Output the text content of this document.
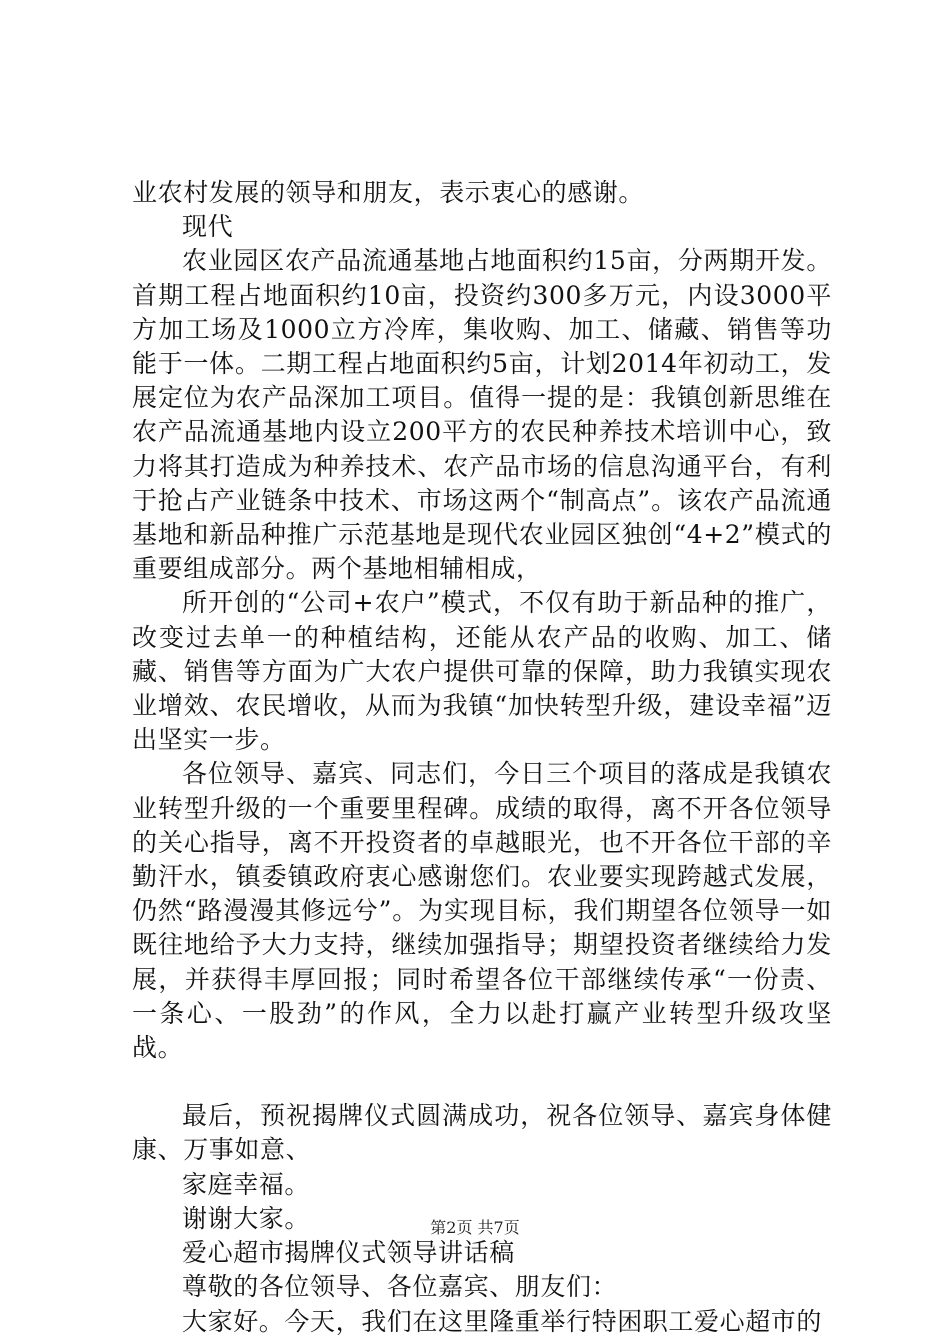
业农村发展的领导和朋友，表示衷心的感谢。

现代

农业园区农产品流通基地占地面积约15亩，分两期开发。首期工程占地面积约10亩，投资约300多万元，内设3000平方加工场及1000立方冷库，集收购、加工、储藏、销售等功能于一体。二期工程占地面积约5亩，计划2014年初动工，发展定位为农产品深加工项目。值得一提的是：我镇创新思维在农产品流通基地内设立200平方的农民种养技术培训中心，致力将其打造成为种养技术、农产品市场的信息沟通平台，有利于抢占产业链条中技术、市场这两个“制高点”。该农产品流通基地和新品种推广示范基地是现代农业园区独创“4+2”模式的重要组成部分。两个基地相辅相成，

所开创的“公司+农户”模式，不仅有助于新品种的推广，改变过去单一的种植结构，还能从农产品的收购、加工、储藏、销售等方面为广大农户提供可靠的保障，助力我镇实现农业增效、农民增收，从而为我镇“加快转型升级，建设幸福”迈出坚实一步。

各位领导、嘉宾、同志们，今日三个项目的落成是我镇农业转型升级的一个重要里程碑。成绩的取得，离不开各位领导的关心指导，离不开投资者的卓越眼光，也不开各位干部的辛勤汗水，镇委镇政府衷心感谢您们。农业要实现跨越式发展，仍然“路漫漫其修远兮”。为实现目标，我们期望各位领导一如既往地给予大力支持，继续加强指导；期望投资者继续给力发展，并获得丰厚回报；同时希望各位干部继续传承“一份责、一条心、一股劲”的作风，全力以赴打赢产业转型升级攻坚战。

最后，预祝揭牌仪式圆满成功，祝各位领导、嘉宾身体健康、万事如意、

家庭幸福。

谢谢大家。

爱心超市揭牌仪式领导讲话稿

尊敬的各位领导、各位嘉宾、朋友们：

大家好。今天，我们在这里隆重举行特困职工爱心超市的

第2页 共7页
